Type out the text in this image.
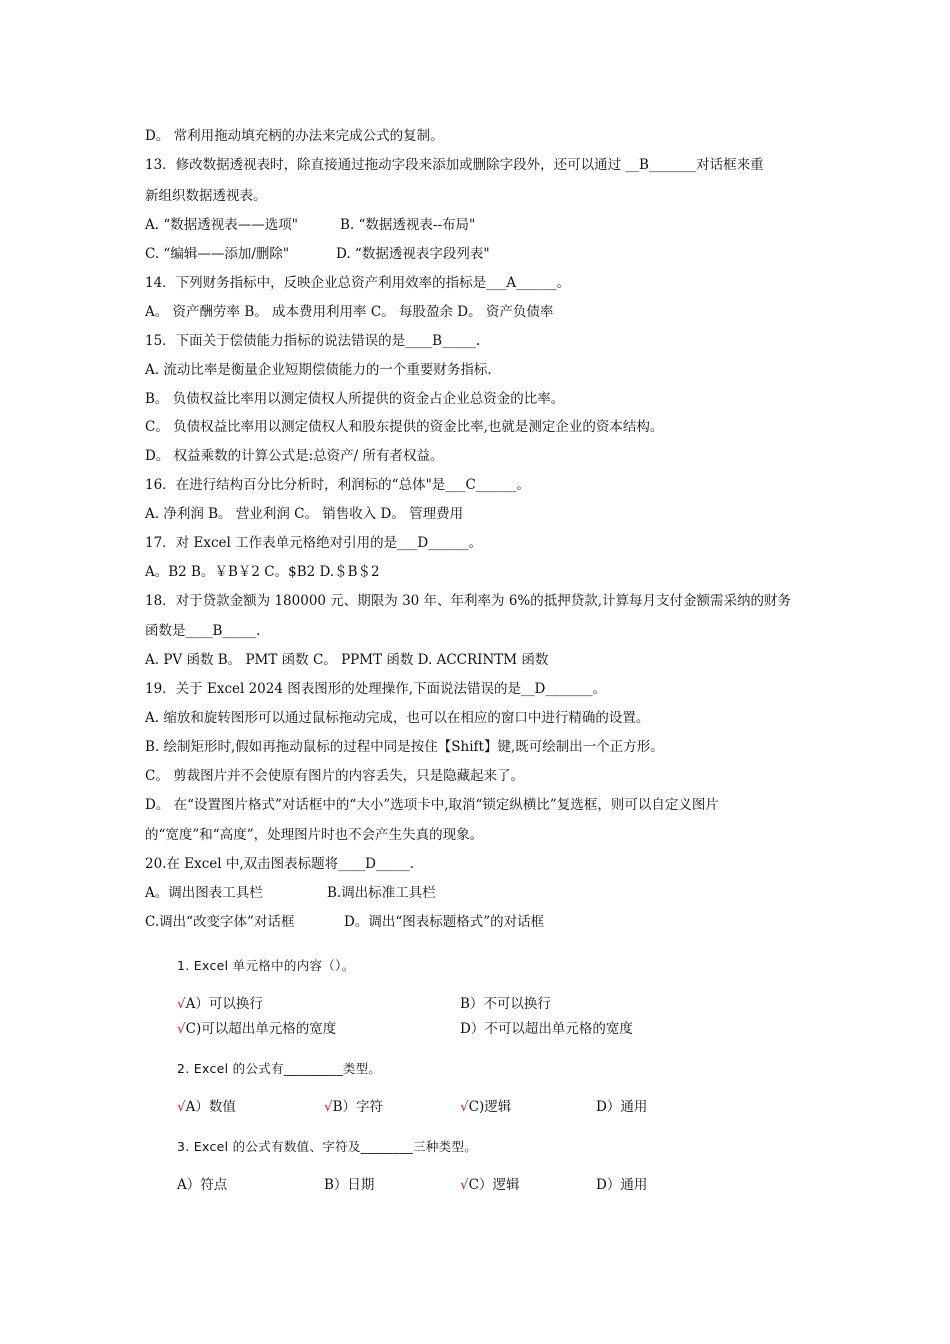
D。 常利用拖动填充柄的办法来完成公式的复制。
13．修改数据透视表时，除直接通过拖动字段来添加或删除字段外，还可以通过 __B_______对话框来重
新组织数据透视表。
A. “数据透视表——选项"	B. “数据透视表--布局"
C. “编辑——添加/删除"	D. “数据透视表字段列表"
14．下列财务指标中，反映企业总资产利用效率的指标是___A______。
A。 资产酬劳率 B。 成本费用利用率 C。 每股盈余 D。 资产负债率
15．下面关于偿债能力指标的说法错误的是____B_____.
A. 流动比率是衡量企业短期偿债能力的一个重要财务指标.
B。 负债权益比率用以测定债权人所提供的资金占企业总资金的比率。
C。 负债权益比率用以测定债权人和股东提供的资金比率,也就是测定企业的资本结构。
D。 权益乘数的计算公式是:总资产/ 所有者权益。
16．在进行结构百分比分析时，利润标的“总体"是___C______。
A. 净利润 B。 营业利润 C。 销售收入 D。 管理费用
17．对 Excel 工作表单元格绝对引用的是___D______。
A。B2 B。￥B￥2 C。$B2 D.＄B＄2
18．对于贷款金额为 180000 元、期限为 30 年、年利率为 6%的抵押贷款,计算每月支付金额需采纳的财务
函数是____B_____.
A. PV 函数 B。 PMT 函数 C。 PPMT 函数 D. ACCRINTM 函数
19．关于 Excel 2024 图表图形的处理操作,下面说法错误的是__D_______。
A. 缩放和旋转图形可以通过鼠标拖动完成，也可以在相应的窗口中进行精确的设置。
B. 绘制矩形时,假如再拖动鼠标的过程中同是按住【Shift】键,既可绘制出一个正方形。
C。 剪裁图片并不会使原有图片的内容丢失，只是隐藏起来了。
D。 在“设置图片格式”对话框中的“大小”选项卡中,取消“锁定纵横比”复选框，则可以自定义图片
的“宽度”和“高度”，处理图片时也不会产生失真的现象。
20.在 Excel 中,双击图表标题将____D_____.
A。调出图表工具栏	B.调出标准工具栏
C.调出“改变字体”对话框	D。调出“图表标题格式”的对话框
1. Excel 单元格中的内容（）。
√A）可以换行	B）不可以换行
√C)可以超出单元格的宽度	D）不可以超出单元格的宽度
2. Excel 的公式有_________类型。
√A）数值	√B）字符	√C)逻辑	D）通用
3. Excel 的公式有数值、字符及________三种类型。
A）符点	B）日期	√C）逻辑	D）通用
